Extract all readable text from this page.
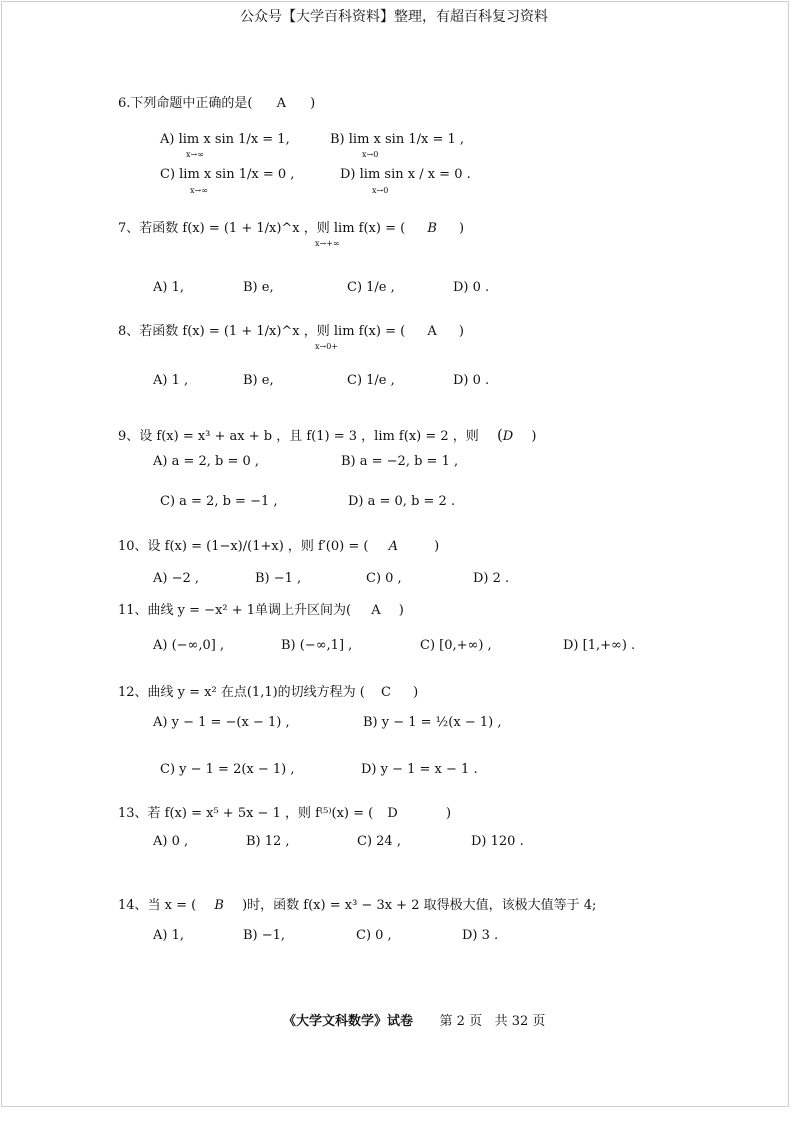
公众号【大学百科资料】整理，有超百科复习资料
6.下列命题中正确的是( A )
A) lim x sin 1/x = 1,
x→∞
B) lim x sin 1/x = 1 ,
x→0
C) lim x sin 1/x = 0 ,
x→∞
D) lim sin x / x = 0 .
x→0
7、若函数 f(x) = (1 + 1/x)^x ，则 lim f(x) = ( B )
x→+∞
A) 1,	B) e,	C) 1/e ,	D) 0 .
8、若函数 f(x) = (1 + 1/x)^x ，则 lim f(x) = ( A )
x→0+
A) 1 ,	B) e,	C) 1/e ,	D) 0 .
9、设 f(x) = x³ + ax + b ，且 f(1) = 3 ，lim f(x) = 2 ，则 (D )
A) a = 2, b = 0 ,	B) a = −2, b = 1 ,
C) a = 2, b = −1 ,	D) a = 0, b = 2 .
10、设 f(x) = (1−x)/(1+x) ，则 f′(0) = ( A	)
A) −2 ,	B) −1 ,	C) 0 ,	D) 2 .
11、曲线 y = −x² + 1单调上升区间为( A )
A) (−∞,0] ,	B) (−∞,1] ,	C) [0,+∞) ,	D) [1,+∞) .
12、曲线 y = x² 在点(1,1)的切线方程为 ( C )
A) y − 1 = −(x − 1) ,	B) y − 1 = ½(x − 1) ,
C) y − 1 = 2(x − 1) ,	D) y − 1 = x − 1 .
13、若 f(x) = x⁵ + 5x − 1 ，则 f⁽⁵⁾(x) = ( D	)
A) 0 ,	B) 12 ,	C) 24 ,	D) 120 .
14、当 x = ( B )时，函数 f(x) = x³ − 3x + 2 取得极大值，该极大值等于 4;
A) 1,	B) −1,	C) 0 ,	D) 3 .
《大学文科数学》试卷 第 2 页 共 32 页
